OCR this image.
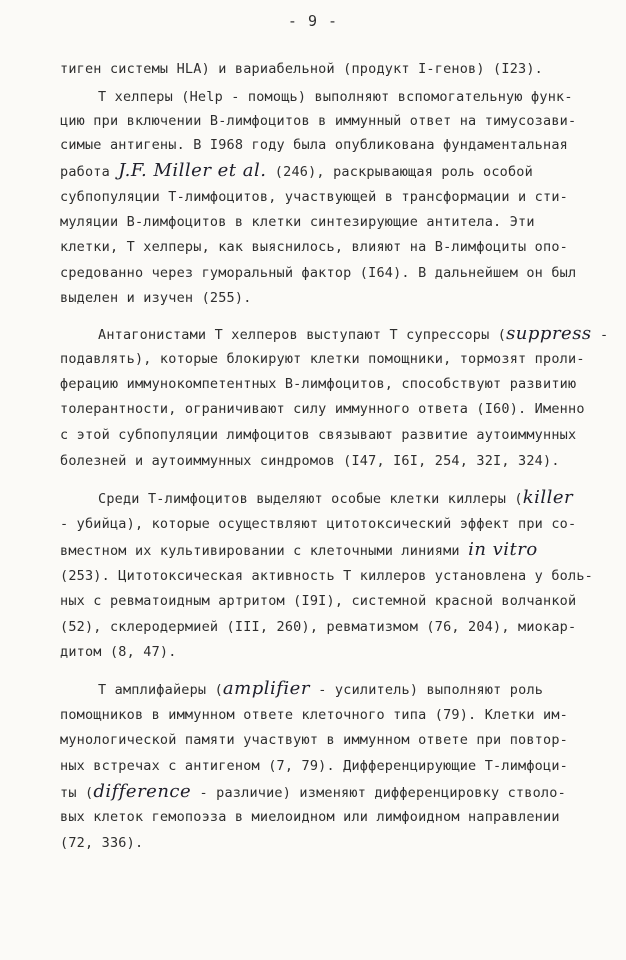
- 9 -
тиген системы HLA) и вариабельной (продукт I-генов) (I23).
Т хелперы (Help - помощь) выполняют вспомогательную функ-
цию при включении В-лимфоцитов в иммунный ответ на тимусозави-
симые антигены. В I968 году была опубликована фундаментальная
работа J.F. Miller et al. (246), раскрывающая роль особой
субпопуляции Т-лимфоцитов, участвующей в трансформации и сти-
муляции В-лимфоцитов в клетки синтезирующие антитела. Эти
клетки, Т хелперы, как выяснилось, влияют на В-лимфоциты опо-
средованно через гуморальный фактор (I64). В дальнейшем он был
выделен и изучен (255).
Антагонистами Т хелперов выступают Т супрессоры (suppress -
подавлять), которые блокируют клетки помощники, тормозят проли-
ферацию иммунокомпетентных В-лимфоцитов, способствуют развитию
толерантности, ограничивают силу иммунного ответа (I60). Именно
с этой субпопуляции лимфоцитов связывают развитие аутоиммунных
болезней и аутоиммунных синдромов (I47, I6I, 254, 32I, 324).
Среди Т-лимфоцитов выделяют особые клетки киллеры (killer
- убийца), которые осуществляют цитотоксический эффект при со-
вместном их культивировании с клеточными линиями in vitro
(253). Цитотоксическая активность Т киллеров установлена у боль-
ных с ревматоидным артритом (I9I), системной красной волчанкой
(52), склеродермией (III, 260), ревматизмом (76, 204), миокар-
дитом (8, 47).
Т амплифайеры (amplifier - усилитель) выполняют роль
помощников в иммунном ответе клеточного типа (79). Клетки им-
мунологической памяти участвуют в иммунном ответе при повтор-
ных встречах с антигеном (7, 79). Дифференцирующие Т-лимфоци-
ты (difference - различие) изменяют дифференцировку стволо-
вых клеток гемопоэза в миелоидном или лимфоидном направлении
(72, 336).
